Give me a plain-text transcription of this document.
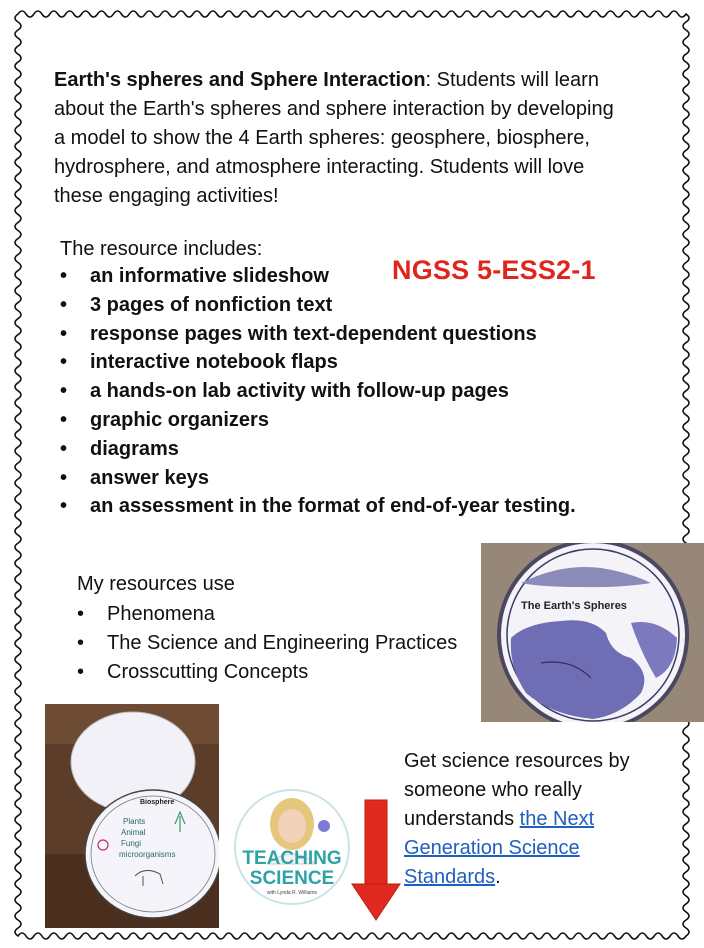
Earth's spheres and Sphere Interaction: Students will learn about the Earth's spheres and sphere interaction by developing a model to show the 4 Earth spheres: geosphere, biosphere, hydrosphere, and atmosphere interacting. Students will love these engaging activities!
The resource includes:
NGSS 5-ESS2-1
• an informative slideshow
• 3 pages of nonfiction text
• response pages with text-dependent questions
• interactive notebook flaps
• a hands-on lab activity with follow-up pages
• graphic organizers
• diagrams
• answer keys
• an assessment in the format of end-of-year testing.
My resources use
• Phenomena
• The Science and Engineering Practices
• Crosscutting Concepts
The Earth's Spheres
Biosphere
Plants
Animal
Fungi
microorganisms	TEACHING
SCIENCE
with Lynda R. Williams
Get science resources by someone who really understands the Next Generation Science Standards.
